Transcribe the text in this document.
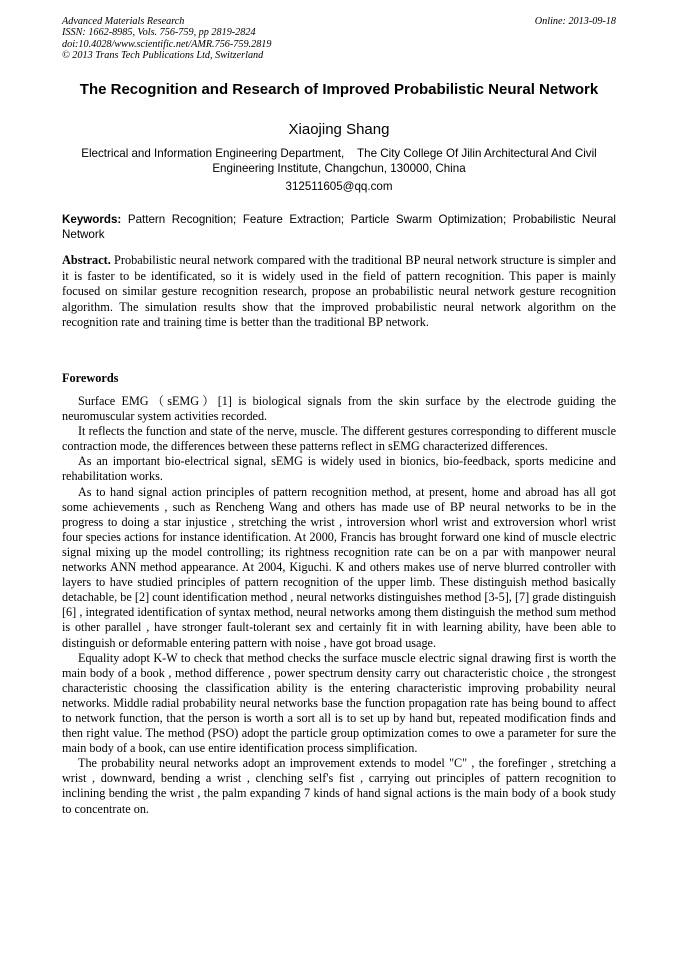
Advanced Materials Research
ISSN: 1662-8985, Vols. 756-759, pp 2819-2824
doi:10.4028/www.scientific.net/AMR.756-759.2819
© 2013 Trans Tech Publications Ltd, Switzerland
Online: 2013-09-18
The Recognition and Research of Improved Probabilistic Neural Network
Xiaojing Shang
Electrical and Information Engineering Department,    The City College Of Jilin Architectural And Civil Engineering Institute, Changchun, 130000, China
312511605@qq.com
Keywords: Pattern Recognition; Feature Extraction; Particle Swarm Optimization; Probabilistic Neural Network
Abstract. Probabilistic neural network compared with the traditional BP neural network structure is simpler and it is faster to be identificated, so it is widely used in the field of pattern recognition. This paper is mainly focused on similar gesture recognition research, propose an probabilistic neural network gesture recognition algorithm. The simulation results show that the improved probabilistic neural network algorithm on the recognition rate and training time is better than the traditional BP network.
Forewords

Surface EMG（sEMG）[1] is biological signals from the skin surface by the electrode guiding the neuromuscular system activities recorded.

It reflects the function and state of the nerve, muscle. The different gestures corresponding to different muscle contraction mode, the differences between these patterns reflect in sEMG characterized differences.

As an important bio-electrical signal, sEMG is widely used in bionics, bio-feedback, sports medicine and rehabilitation works.

As to hand signal action principles of pattern recognition method, at present, home and abroad has all got some achievements , such as Rencheng Wang and others has made use of BP neural networks to be in the progress to doing a star injustice , stretching the wrist , introversion whorl wrist and extroversion whorl wrist four species actions for instance identification. At 2000, Francis has brought forward one kind of muscle electric signal mixing up the model controlling; its rightness recognition rate can be on a par with manpower neural networks ANN method appearance. At 2004, Kiguchi. K and others makes use of nerve blurred controller with layers to have studied principles of pattern recognition of the upper limb. These distinguish method basically detachable, be [2] count identification method , neural networks distinguishes method [3-5], [7] grade distinguish [6] , integrated identification of syntax method, neural networks among them distinguish the method sum method is other parallel , have stronger fault-tolerant sex and certainly fit in with learning ability, have been able to distinguish or deformable entering pattern with noise , have got broad usage.

Equality adopt K-W to check that method checks the surface muscle electric signal drawing first is worth the main body of a book , method difference , power spectrum density carry out characteristic choice , the strongest characteristic choosing the classification ability is the entering characteristic improving probability neural networks. Middle radial probability neural networks base the function propagation rate has being bound to affect to network function, that the person is worth a sort all is to set up by hand but, repeated modification finds and then right value. The method (PSO) adopt the particle group optimization comes to owe a parameter for sure the main body of a book, can use entire identification process simplification.

The probability neural networks adopt an improvement extends to model "C" , the forefinger , stretching a wrist , downward, bending a wrist , clenching self's fist , carrying out principles of pattern recognition to inclining bending the wrist , the palm expanding 7 kinds of hand signal actions is the main body of a book study to concentrate on.
